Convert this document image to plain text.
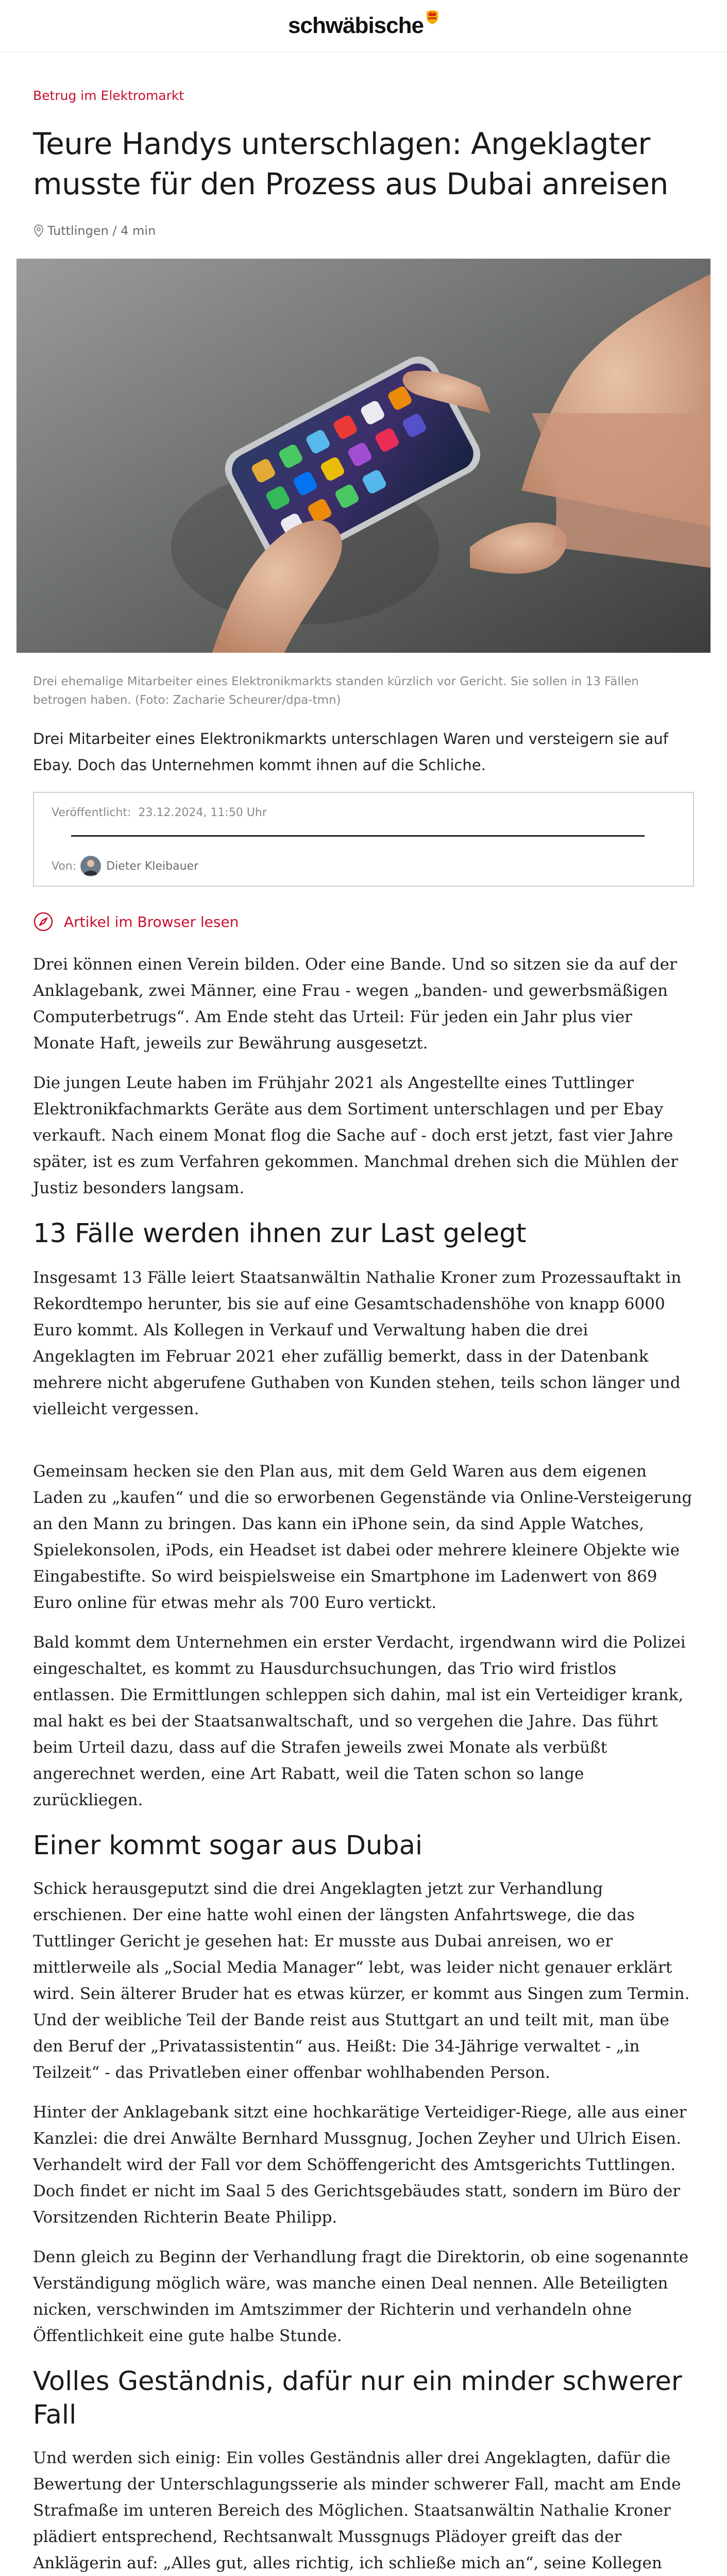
schwäbische
Betrug im Elektromarkt
Teure Handys unterschlagen: Angeklagter musste für den Prozess aus Dubai anreisen
Tuttlingen / 4 min

Drei ehemalige Mitarbeiter eines Elektronikmarkts standen kürzlich vor Gericht. Sie sollen in 13 Fällen betrogen haben. (Foto: Zacharie Scheurer/dpa-tmn)

Drei Mitarbeiter eines Elektronikmarkts unterschlagen Waren und versteigern sie auf Ebay. Doch das Unternehmen kommt ihnen auf die Schliche.

Veröffentlicht: 23.12.2024, 11:50 Uhr
Von:	Dieter Kleibauer
Artikel im Browser lesen

Drei können einen Verein bilden. Oder eine Bande. Und so sitzen sie da auf der Anklagebank, zwei Männer, eine Frau - wegen „banden- und gewerbsmäßigen Computerbetrugs“. Am Ende steht das Urteil: Für jeden ein Jahr plus vier Monate Haft, jeweils zur Bewährung ausgesetzt.

Die jungen Leute haben im Frühjahr 2021 als Angestellte eines Tuttlinger Elektronikfachmarkts Geräte aus dem Sortiment unterschlagen und per Ebay verkauft. Nach einem Monat flog die Sache auf - doch erst jetzt, fast vier Jahre später, ist es zum Verfahren gekommen. Manchmal drehen sich die Mühlen der Justiz besonders langsam.

13 Fälle werden ihnen zur Last gelegt

Insgesamt 13 Fälle leiert Staatsanwältin Nathalie Kroner zum Prozessauftakt in Rekordtempo herunter, bis sie auf eine Gesamtschadenshöhe von knapp 6000 Euro kommt. Als Kollegen in Verkauf und Verwaltung haben die drei Angeklagten im Februar 2021 eher zufällig bemerkt, dass in der Datenbank mehrere nicht abgerufene Guthaben von Kunden stehen, teils schon länger und vielleicht vergessen.

Gemeinsam hecken sie den Plan aus, mit dem Geld Waren aus dem eigenen Laden zu „kaufen“ und die so erworbenen Gegenstände via Online-Versteigerung an den Mann zu bringen. Das kann ein iPhone sein, da sind Apple Watches, Spielekonsolen, iPods, ein Headset ist dabei oder mehrere kleinere Objekte wie Eingabestifte. So wird beispielsweise ein Smartphone im Ladenwert von 869 Euro online für etwas mehr als 700 Euro vertickt.

Bald kommt dem Unternehmen ein erster Verdacht, irgendwann wird die Polizei eingeschaltet, es kommt zu Hausdurchsuchungen, das Trio wird fristlos entlassen. Die Ermittlungen schleppen sich dahin, mal ist ein Verteidiger krank, mal hakt es bei der Staatsanwaltschaft, und so vergehen die Jahre. Das führt beim Urteil dazu, dass auf die Strafen jeweils zwei Monate als verbüßt angerechnet werden, eine Art Rabatt, weil die Taten schon so lange zurückliegen.

Einer kommt sogar aus Dubai

Schick herausgeputzt sind die drei Angeklagten jetzt zur Verhandlung erschienen. Der eine hatte wohl einen der längsten Anfahrtswege, die das Tuttlinger Gericht je gesehen hat: Er musste aus Dubai anreisen, wo er mittlerweile als „Social Media Manager“ lebt, was leider nicht genauer erklärt wird. Sein älterer Bruder hat es etwas kürzer, er kommt aus Singen zum Termin. Und der weibliche Teil der Bande reist aus Stuttgart an und teilt mit, man übe den Beruf der „Privatassistentin“ aus. Heißt: Die 34-Jährige verwaltet - „in Teilzeit“ - das Privatleben einer offenbar wohlhabenden Person.

Hinter der Anklagebank sitzt eine hochkarätige Verteidiger-Riege, alle aus einer Kanzlei: die drei Anwälte Bernhard Mussgnug, Jochen Zeyher und Ulrich Eisen. Verhandelt wird der Fall vor dem Schöffengericht des Amtsgerichts Tuttlingen. Doch findet er nicht im Saal 5 des Gerichtsgebäudes statt, sondern im Büro der Vorsitzenden Richterin Beate Philipp.

Denn gleich zu Beginn der Verhandlung fragt die Direktorin, ob eine sogenannte Verständigung möglich wäre, was manche einen Deal nennen. Alle Beteiligten nicken, verschwinden im Amtszimmer der Richterin und verhandeln ohne Öffentlichkeit eine gute halbe Stunde.

Volles Geständnis, dafür nur ein minder schwerer Fall

Und werden sich einig: Ein volles Geständnis aller drei Angeklagten, dafür die Bewertung der Unterschlagungsserie als minder schwerer Fall, macht am Ende Strafmaße im unteren Bereich des Möglichen. Staatsanwältin Nathalie Kroner plädiert entsprechend, Rechtsanwalt Mussgnugs Plädoyer greift das der Anklägerin auf: „Alles gut, alles richtig, ich schließe mich an“, seine Kollegen
